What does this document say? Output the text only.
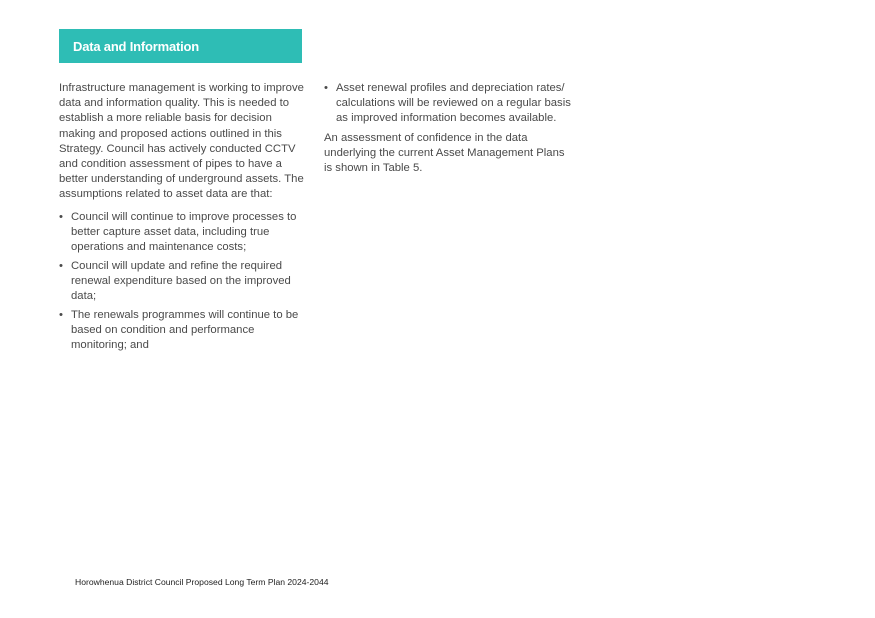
Data and Information

Infrastructure management is working to improve data and information quality. This is needed to establish a more reliable basis for decision making and proposed actions outlined in this Strategy. Council has actively conducted CCTV and condition assessment of pipes to have a better understanding of underground assets. The assumptions related to asset data are that:

• Council will continue to improve processes to better capture asset data, including true operations and maintenance costs;
• Council will update and refine the required renewal expenditure based on the improved data;
• The renewals programmes will continue to be based on condition and performance monitoring; and
• Asset renewal profiles and depreciation rates/ calculations will be reviewed on a regular basis as improved information becomes available.

An assessment of confidence in the data underlying the current Asset Management Plans is shown in Table 5.

Horowhenua District Council Proposed Long Term Plan 2024-2044
